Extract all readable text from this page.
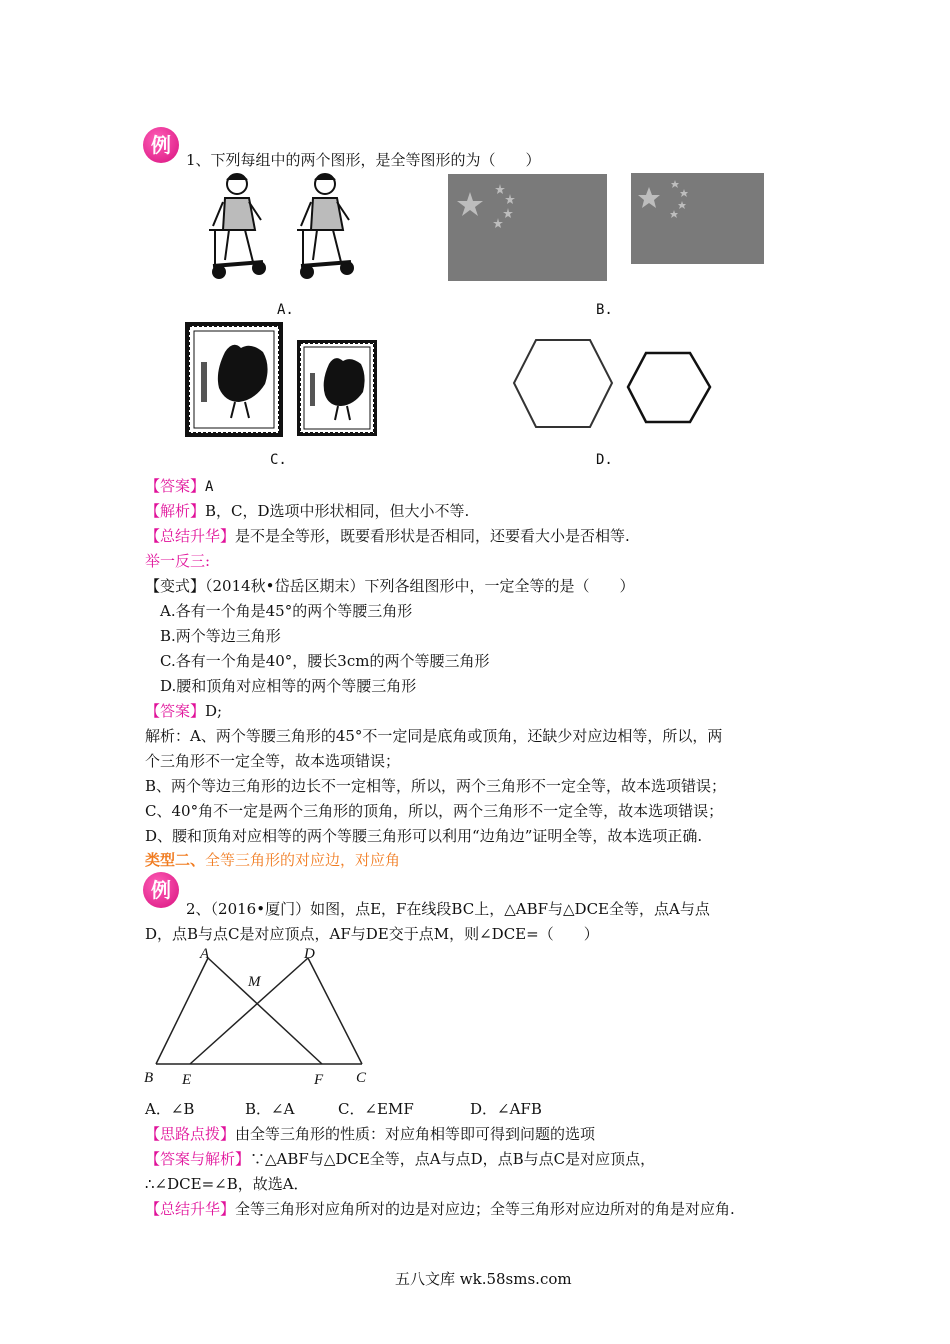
例
1、下列每组中的两个图形，是全等图形的为（　　）
A.	B.
C.	D.
【答案】A
【解析】B，C，D选项中形状相同，但大小不等.
【总结升华】是不是全等形，既要看形状是否相同，还要看大小是否相等.
举一反三:
【变式】（2014秋•岱岳区期末）下列各组图形中，一定全等的是（　　）
A.各有一个角是45°的两个等腰三角形
B.两个等边三角形
C.各有一个角是40°，腰长3cm的两个等腰三角形
D.腰和顶角对应相等的两个等腰三角形
【答案】D;
解析：A、两个等腰三角形的45°不一定同是底角或顶角，还缺少对应边相等，所以，两
个三角形不一定全等，故本选项错误；
B、两个等边三角形的边长不一定相等，所以，两个三角形不一定全等，故本选项错误；
C、40°角不一定是两个三角形的顶角，所以，两个三角形不一定全等，故本选项错误；
D、腰和顶角对应相等的两个等腰三角形可以利用“边角边”证明全等，故本选项正确.
类型二、全等三角形的对应边，对应角
例
2、（2016•厦门）如图，点E，F在线段BC上，△ABF与△DCE全等，点A与点
D，点B与点C是对应顶点，AF与DE交于点M，则∠DCE=（　　）
A	D
M
B E	F C
A．∠B	B．∠A	C．∠EMF	D．∠AFB
【思路点拨】由全等三角形的性质：对应角相等即可得到问题的选项
【答案与解析】∵△ABF与△DCE全等，点A与点D，点B与点C是对应顶点，
∴∠DCE=∠B，故选A．
【总结升华】全等三角形对应角所对的边是对应边；全等三角形对应边所对的角是对应角.
五八文库 wk.58sms.com
